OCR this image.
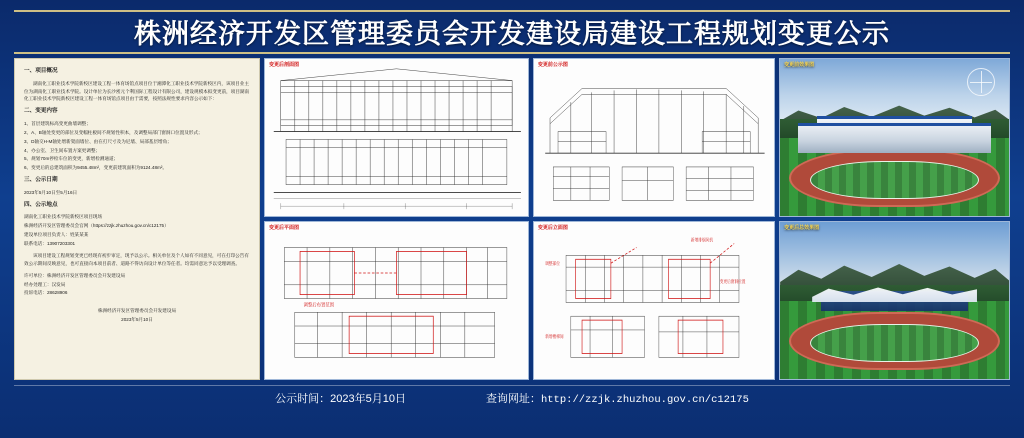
株洲经济开发区管理委员会开发建设局建设工程规划变更公示
一、项目概况

湖南化工职业技术学院新校区建设工程一体育场馆点项目位于湘潭化工职业技术学院新校区内，该项目业主位为湖南化工职业技术学院。设计单位为长沙密元个利国际工程设计有限公司，建设规模本拟变更前，项目湖南化工职业技术学院新校区建设工程一体育场馆点项目由于需要，按照法规性要求内容公示如下：

二、变更内容

1、首层建筑标高变更曲墙调整；

2、A、B轴处变更的部位及变幅柱板间不规划性积本，及调整局部门窗洞口位置及形式；

3、D轴交H-M轴处增新架面墙位、由在打尺寸及为尼墙、局部基层增角；

4、办公室、卫生间布置方案更调整；

5、规划70m停检车位的变更，新增检测通道；

6、变更后的总建筑面积为9455.48m²，变更前建筑面积为9124.48m²。

三、公示日期

2023年5月10日至5月16日

四、公示地点

湖南化工职业技术学院新校区项目现场

株洲经济开发区管理委员会官网（https://zzjk.zhuzhou.gov.cn/c12175）

建设单位项目负责人：姓某某某

联系电话：13907203301

该项目建设工程规划变更已经现有初步审定，现予以公示。相关单位及个人如有不同意见，可在打印公告有效公示期间反映意见，也可直接向本项目前者、道路不得访向设计单位等任者。均需同意达予以受理调查。

许可单位：株洲经济开发区管理委员会开发建设局

经办处理工：汉发局

投诉电话：28628906

株洲经济开发区管理委员会开发建设局
2023年5月10日
变更后剖面图	变更前公示图	变更前效果图
变更后平面图
调整后布置范围
变更后立面图
调整部位
新增排烟风机
变更后窗洞位置
新增楼梯间
变更后总效果图
公示时间：2023年5月10日	查询网址：http://zzjk.zhuzhou.gov.cn/c12175
